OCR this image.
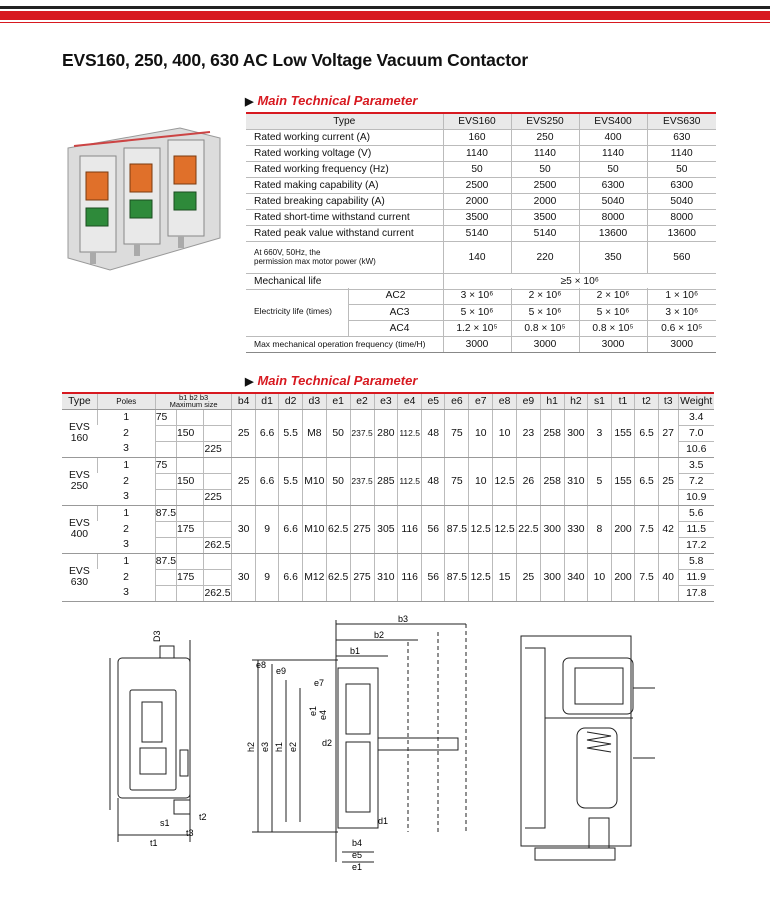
EVS160, 250, 400, 630 AC Low Voltage Vacuum Contactor
▶ Main Technical Parameter
Type	EVS160	EVS250	EVS400	EVS630
Rated working current (A)	160	250	400	630
Rated working voltage (V)	1140	1140	1140	1140
Rated working frequency (Hz)	50	50	50	50
Rated making capability (A)	2500	2500	6300	6300
Rated breaking capability (A)	2000	2000	5040	5040
Rated short-time withstand current	3500	3500	8000	8000
Rated peak value withstand current	5140	5140	13600	13600

At 660V, 50Hz, the
permission max motor power (kW)	140	220	350	560
Mechanical life	≥5 × 10⁶			

Electricity life (times)	AC2	3 × 10⁶	2 × 10⁶	2 × 10⁶	1 × 10⁶
	AC3	5 × 10⁶	5 × 10⁶	5 × 10⁶	3 × 10⁶
	AC4	1.2 × 10⁵	0.8 × 10⁵	0.8 × 10⁵	0.6 × 10⁵
Max mechanical operation frequency (time/H)		3000	3000	3000	3000
▶ Main Technical Parameter
Type	Poles	b1 b2 b3
Maximum size			b4	d1	d2	d3	e1	e2	e3	e4	e5	e6	e7	e8	e9	h1	h2	s1	t1	t2	t3	Weight

EVS
160	1	75			25	6.6	5.5	M8	50	237.5	280	112.5	48	75	10	10	23	258	300	3	155	6.5	27	3.4
	2		150																					7.0
	3			225																				10.6

EVS
250	1	75			25	6.6	5.5	M10	50	237.5	285	112.5	48	75	10	12.5	26	258	310	5	155	6.5	25	3.5
	2		150																					7.2
	3			225																				10.9

EVS
400	1	87.5			30	9	6.6	M10	62.5	275	305	116	56	87.5	12.5	12.5	22.5	300	330	8	200	7.5	42	5.6
	2		175																					11.5
	3			262.5																				17.2

EVS
630	1	87.5			30	9	6.6	M12	62.5	275	310	116	56	87.5	12.5	15	25	300	340	10	200	7.5	40	5.8
	2		175																					11.9
	3			262.5																				17.8
D3
s1
t1
t2
t3
b3
b2
b1
e8
e9
e7
e1 e4
d2
h2 e3 h1 e2
d1
b4
e5
e1
